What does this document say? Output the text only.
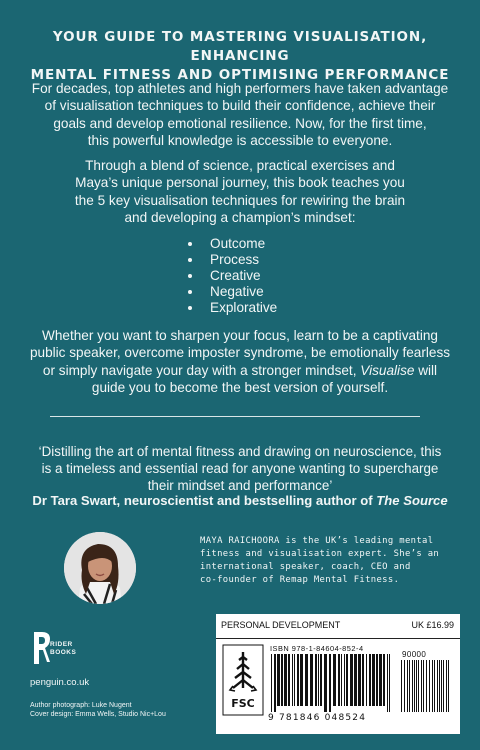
YOUR GUIDE TO MASTERING VISUALISATION, ENHANCING
MENTAL FITNESS AND OPTIMISING PERFORMANCE
For decades, top athletes and high performers have taken advantage
of visualisation techniques to build their confidence, achieve their
goals and develop emotional resilience. Now, for the first time,
this powerful knowledge is accessible to everyone.
Through a blend of science, practical exercises and
Maya’s unique personal journey, this book teaches you
the 5 key visualisation techniques for rewiring the brain
and developing a champion’s mindset:
Outcome
Process
Creative
Negative
Explorative
Whether you want to sharpen your focus, learn to be a captivating
public speaker, overcome imposter syndrome, be emotionally fearless
or simply navigate your day with a stronger mindset, Visualise will
guide you to become the best version of yourself.
‘Distilling the art of mental fitness and drawing on neuroscience, this
is a timeless and essential read for anyone wanting to supercharge
their mindset and performance’
Dr Tara Swart, neuroscientist and bestselling author of The Source
MAYA RAICHOORA is the UK’s leading mental
fitness and visualisation expert. She’s an
international speaker, coach, CEO and
co-founder of Remap Mental Fitness.
RIDER
BOOKS
penguin.co.uk
Author photograph: Luke Nugent
Cover design: Emma Wells, Studio Nic+Lou
PERSONAL DEVELOPMENT	UK £16.99
FSC
ISBN 978-1-84604-852-4
90000
9 781846 048524
